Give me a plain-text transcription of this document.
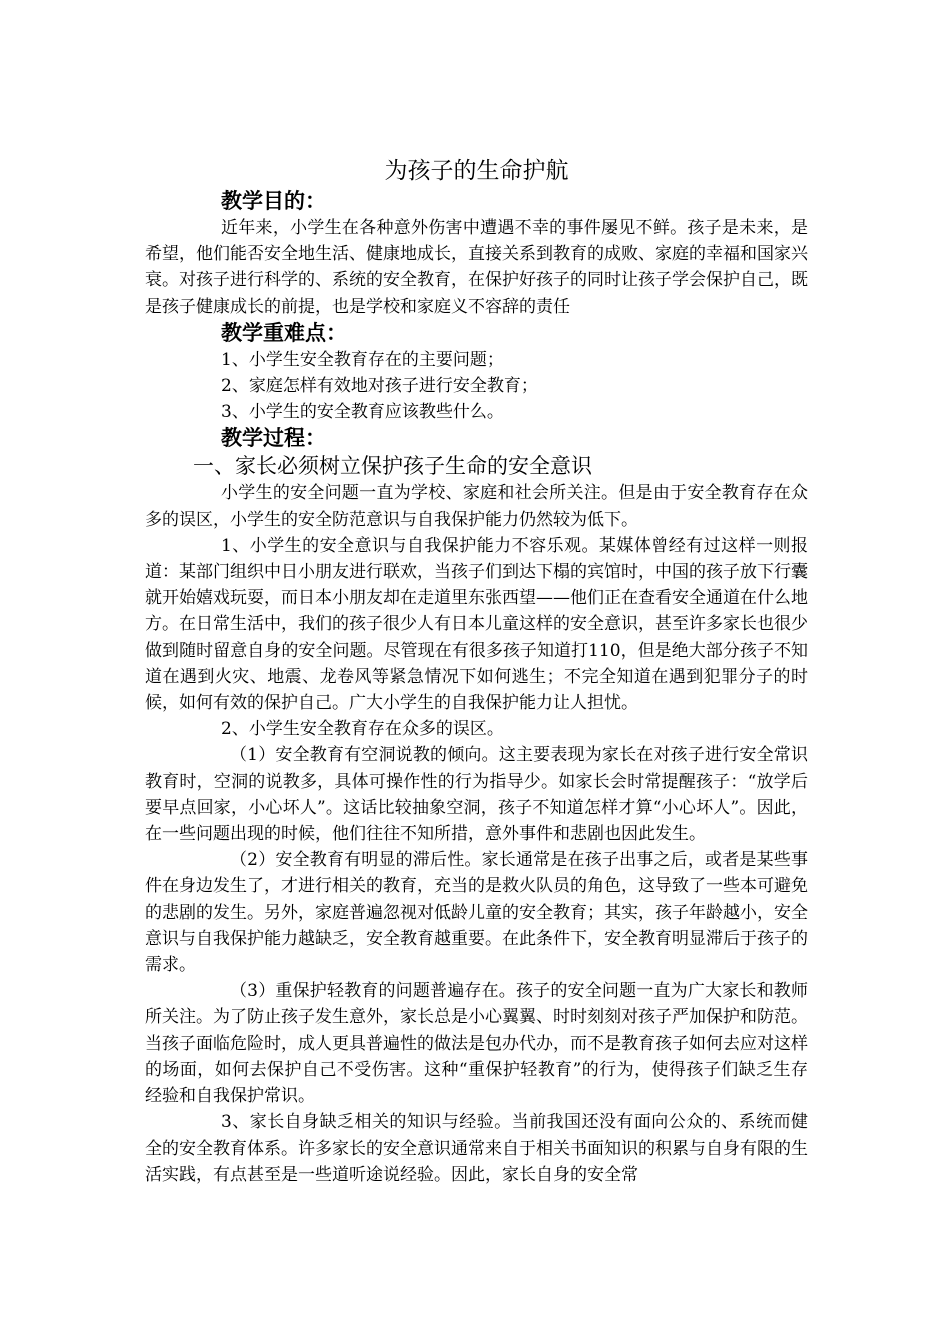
为孩子的生命护航
教学目的：

近年来，小学生在各种意外伤害中遭遇不幸的事件屡见不鲜。孩子是未来，是希望，他们能否安全地生活、健康地成长，直接关系到教育的成败、家庭的幸福和国家兴衰。对孩子进行科学的、系统的安全教育，在保护好孩子的同时让孩子学会保护自己，既是孩子健康成长的前提，也是学校和家庭义不容辞的责任

教学重难点：

1、小学生安全教育存在的主要问题；

2、家庭怎样有效地对孩子进行安全教育；

3、小学生的安全教育应该教些什么。

教学过程：
一、家长必须树立保护孩子生命的安全意识

小学生的安全问题一直为学校、家庭和社会所关注。但是由于安全教育存在众多的误区，小学生的安全防范意识与自我保护能力仍然较为低下。

1、小学生的安全意识与自我保护能力不容乐观。某媒体曾经有过这样一则报道：某部门组织中日小朋友进行联欢，当孩子们到达下榻的宾馆时，中国的孩子放下行囊就开始嬉戏玩耍，而日本小朋友却在走道里东张西望——他们正在查看安全通道在什么地方。在日常生活中，我们的孩子很少人有日本儿童这样的安全意识，甚至许多家长也很少做到随时留意自身的安全问题。尽管现在有很多孩子知道打110，但是绝大部分孩子不知道在遇到火灾、地震、龙卷风等紧急情况下如何逃生；不完全知道在遇到犯罪分子的时候，如何有效的保护自己。广大小学生的自我保护能力让人担忧。

2、小学生安全教育存在众多的误区。

（1）安全教育有空洞说教的倾向。这主要表现为家长在对孩子进行安全常识教育时，空洞的说教多，具体可操作性的行为指导少。如家长会时常提醒孩子：“放学后要早点回家，小心坏人”。这话比较抽象空洞，孩子不知道怎样才算“小心坏人”。因此，在一些问题出现的时候，他们往往不知所措，意外事件和悲剧也因此发生。

（2）安全教育有明显的滞后性。家长通常是在孩子出事之后，或者是某些事件在身边发生了，才进行相关的教育，充当的是救火队员的角色，这导致了一些本可避免的悲剧的发生。另外，家庭普遍忽视对低龄儿童的安全教育；其实，孩子年龄越小，安全意识与自我保护能力越缺乏，安全教育越重要。在此条件下，安全教育明显滞后于孩子的需求。

（3）重保护轻教育的问题普遍存在。孩子的安全问题一直为广大家长和教师所关注。为了防止孩子发生意外，家长总是小心翼翼、时时刻刻对孩子严加保护和防范。当孩子面临危险时，成人更具普遍性的做法是包办代办，而不是教育孩子如何去应对这样的场面，如何去保护自己不受伤害。这种“重保护轻教育”的行为，使得孩子们缺乏生存经验和自我保护常识。

3、家长自身缺乏相关的知识与经验。当前我国还没有面向公众的、系统而健全的安全教育体系。许多家长的安全意识通常来自于相关书面知识的积累与自身有限的生活实践，有点甚至是一些道听途说经验。因此，家长自身的安全常
